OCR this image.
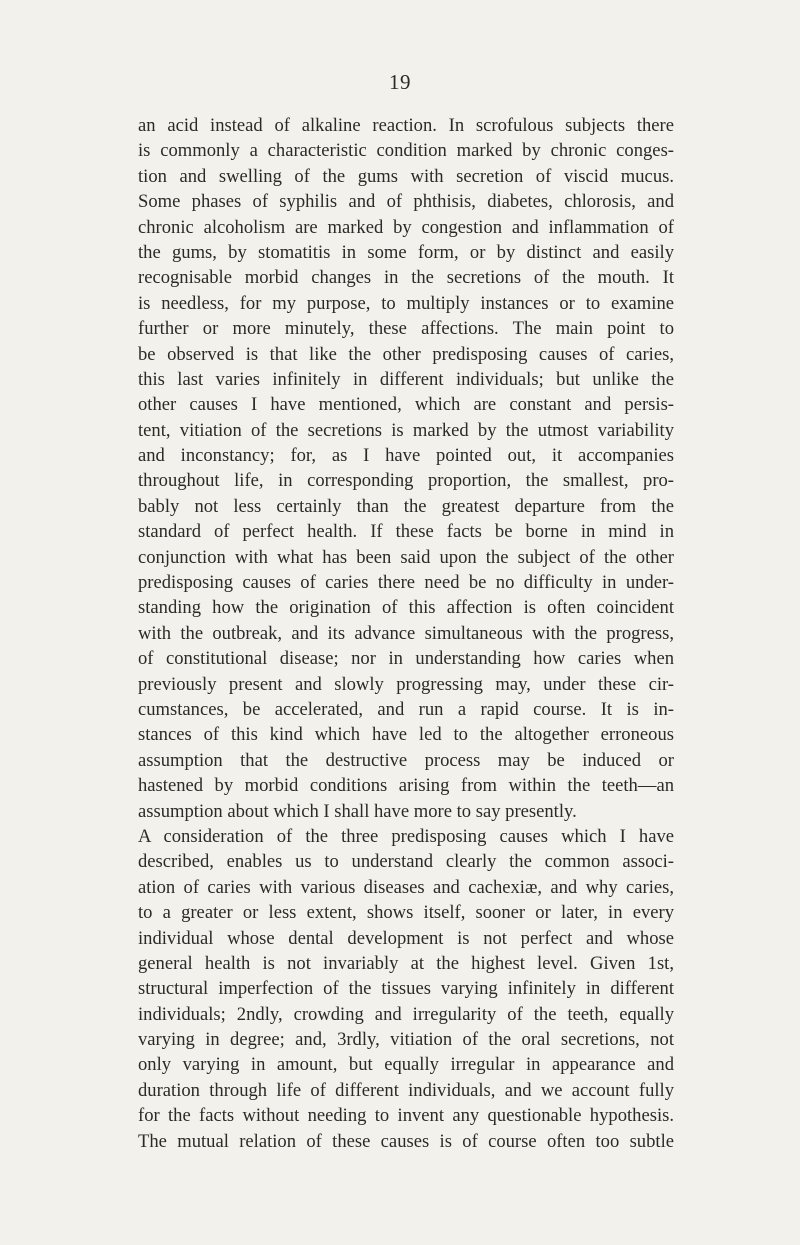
19
an acid instead of alkaline reaction. In scrofulous subjects there
is commonly a characteristic condition marked by chronic conges-
tion and swelling of the gums with secretion of viscid mucus.
Some phases of syphilis and of phthisis, diabetes, chlorosis, and
chronic alcoholism are marked by congestion and inflammation of
the gums, by stomatitis in some form, or by distinct and easily
recognisable morbid changes in the secretions of the mouth. It
is needless, for my purpose, to multiply instances or to examine
further or more minutely, these affections. The main point to
be observed is that like the other predisposing causes of caries,
this last varies infinitely in different individuals; but unlike the
other causes I have mentioned, which are constant and persis-
tent, vitiation of the secretions is marked by the utmost variability
and inconstancy; for, as I have pointed out, it accompanies
throughout life, in corresponding proportion, the smallest, pro-
bably not less certainly than the greatest departure from the
standard of perfect health. If these facts be borne in mind in
conjunction with what has been said upon the subject of the other
predisposing causes of caries there need be no difficulty in under-
standing how the origination of this affection is often coincident
with the outbreak, and its advance simultaneous with the progress,
of constitutional disease; nor in understanding how caries when
previously present and slowly progressing may, under these cir-
cumstances, be accelerated, and run a rapid course. It is in-
stances of this kind which have led to the altogether erroneous
assumption that the destructive process may be induced or
hastened by morbid conditions arising from within the teeth—an
assumption about which I shall have more to say presently.
A consideration of the three predisposing causes which I have
described, enables us to understand clearly the common associ-
ation of caries with various diseases and cachexiæ, and why caries,
to a greater or less extent, shows itself, sooner or later, in every
individual whose dental development is not perfect and whose
general health is not invariably at the highest level. Given 1st,
structural imperfection of the tissues varying infinitely in different
individuals; 2ndly, crowding and irregularity of the teeth, equally
varying in degree; and, 3rdly, vitiation of the oral secretions, not
only varying in amount, but equally irregular in appearance and
duration through life of different individuals, and we account fully
for the facts without needing to invent any questionable hypothesis.
The mutual relation of these causes is of course often too subtle
